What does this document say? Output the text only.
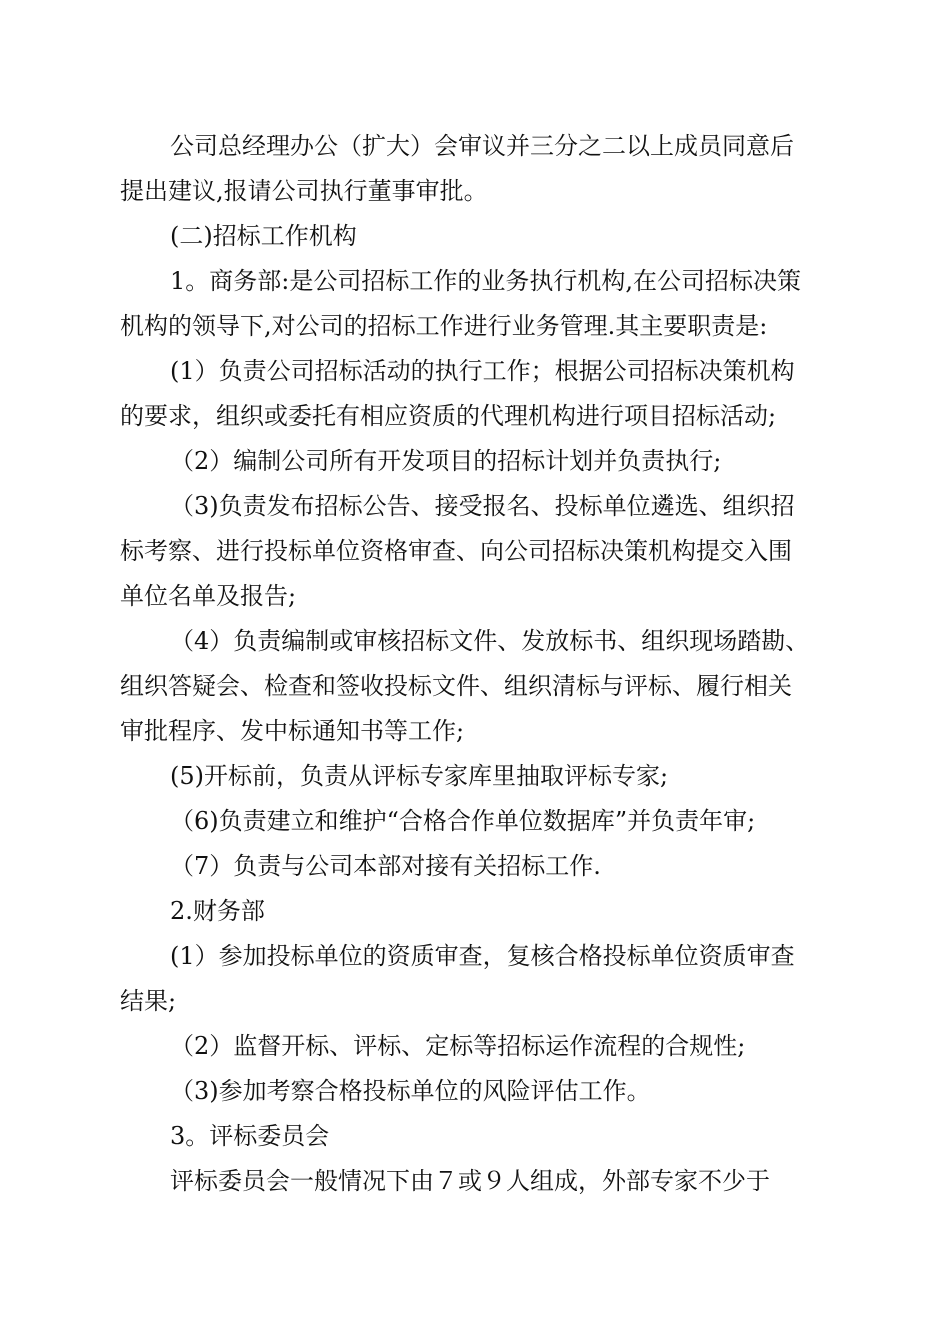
公司总经理办公（扩大）会审议并三分之二以上成员同意后
提出建议,报请公司执行董事审批。
(二)招标工作机构
1。商务部:是公司招标工作的业务执行机构,在公司招标决策
机构的领导下,对公司的招标工作进行业务管理.其主要职责是:
(1）负责公司招标活动的执行工作；根据公司招标决策机构
的要求，组织或委托有相应资质的代理机构进行项目招标活动;
（2）编制公司所有开发项目的招标计划并负责执行;
（3)负责发布招标公告、接受报名、投标单位遴选、组织招
标考察、进行投标单位资格审查、向公司招标决策机构提交入围
单位名单及报告;
（4）负责编制或审核招标文件、发放标书、组织现场踏勘、
组织答疑会、检查和签收投标文件、组织清标与评标、履行相关
审批程序、发中标通知书等工作;
(5)开标前，负责从评标专家库里抽取评标专家;
（6)负责建立和维护“合格合作单位数据库”并负责年审;
（7）负责与公司本部对接有关招标工作.
2.财务部
(1）参加投标单位的资质审查，复核合格投标单位资质审查
结果;
（2）监督开标、评标、定标等招标运作流程的合规性;
（3)参加考察合格投标单位的风险评估工作。
3。评标委员会
评标委员会一般情况下由７或９人组成，外部专家不少于
